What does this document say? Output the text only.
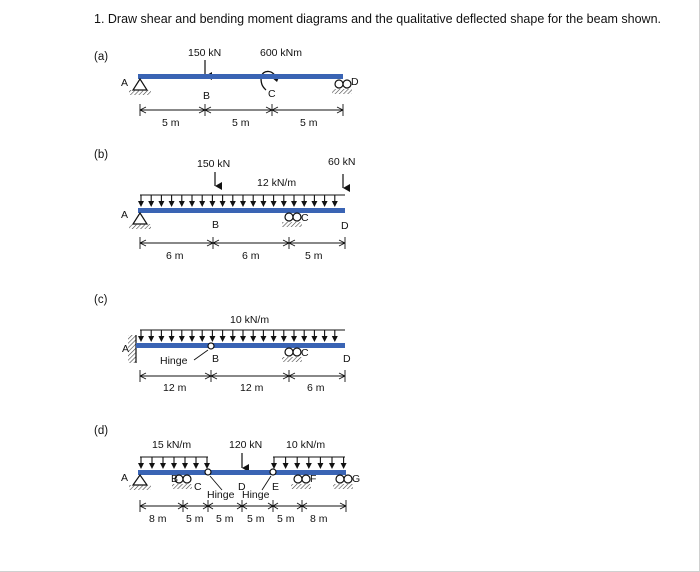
1. Draw shear and bending moment diagrams and the qualitative deflected shape for the beam shown.
(a)	150 kN	600 kNm
A
B	C
D
5 m	5 m	5 m
(b)
150 kN
12 kN/m
60 kN
A
B
C
D
6 m	6 m	5 m
(c)
10 kN/m
Hinge
A
B	C	D
12 m	12 m	6 m
(d)
15 kN/m	120 kN 10 kN/m
Hinge Hinge
A	B
C	D	E
F	G
8 m 5 m 5 m 5 m 5 m 8 m
